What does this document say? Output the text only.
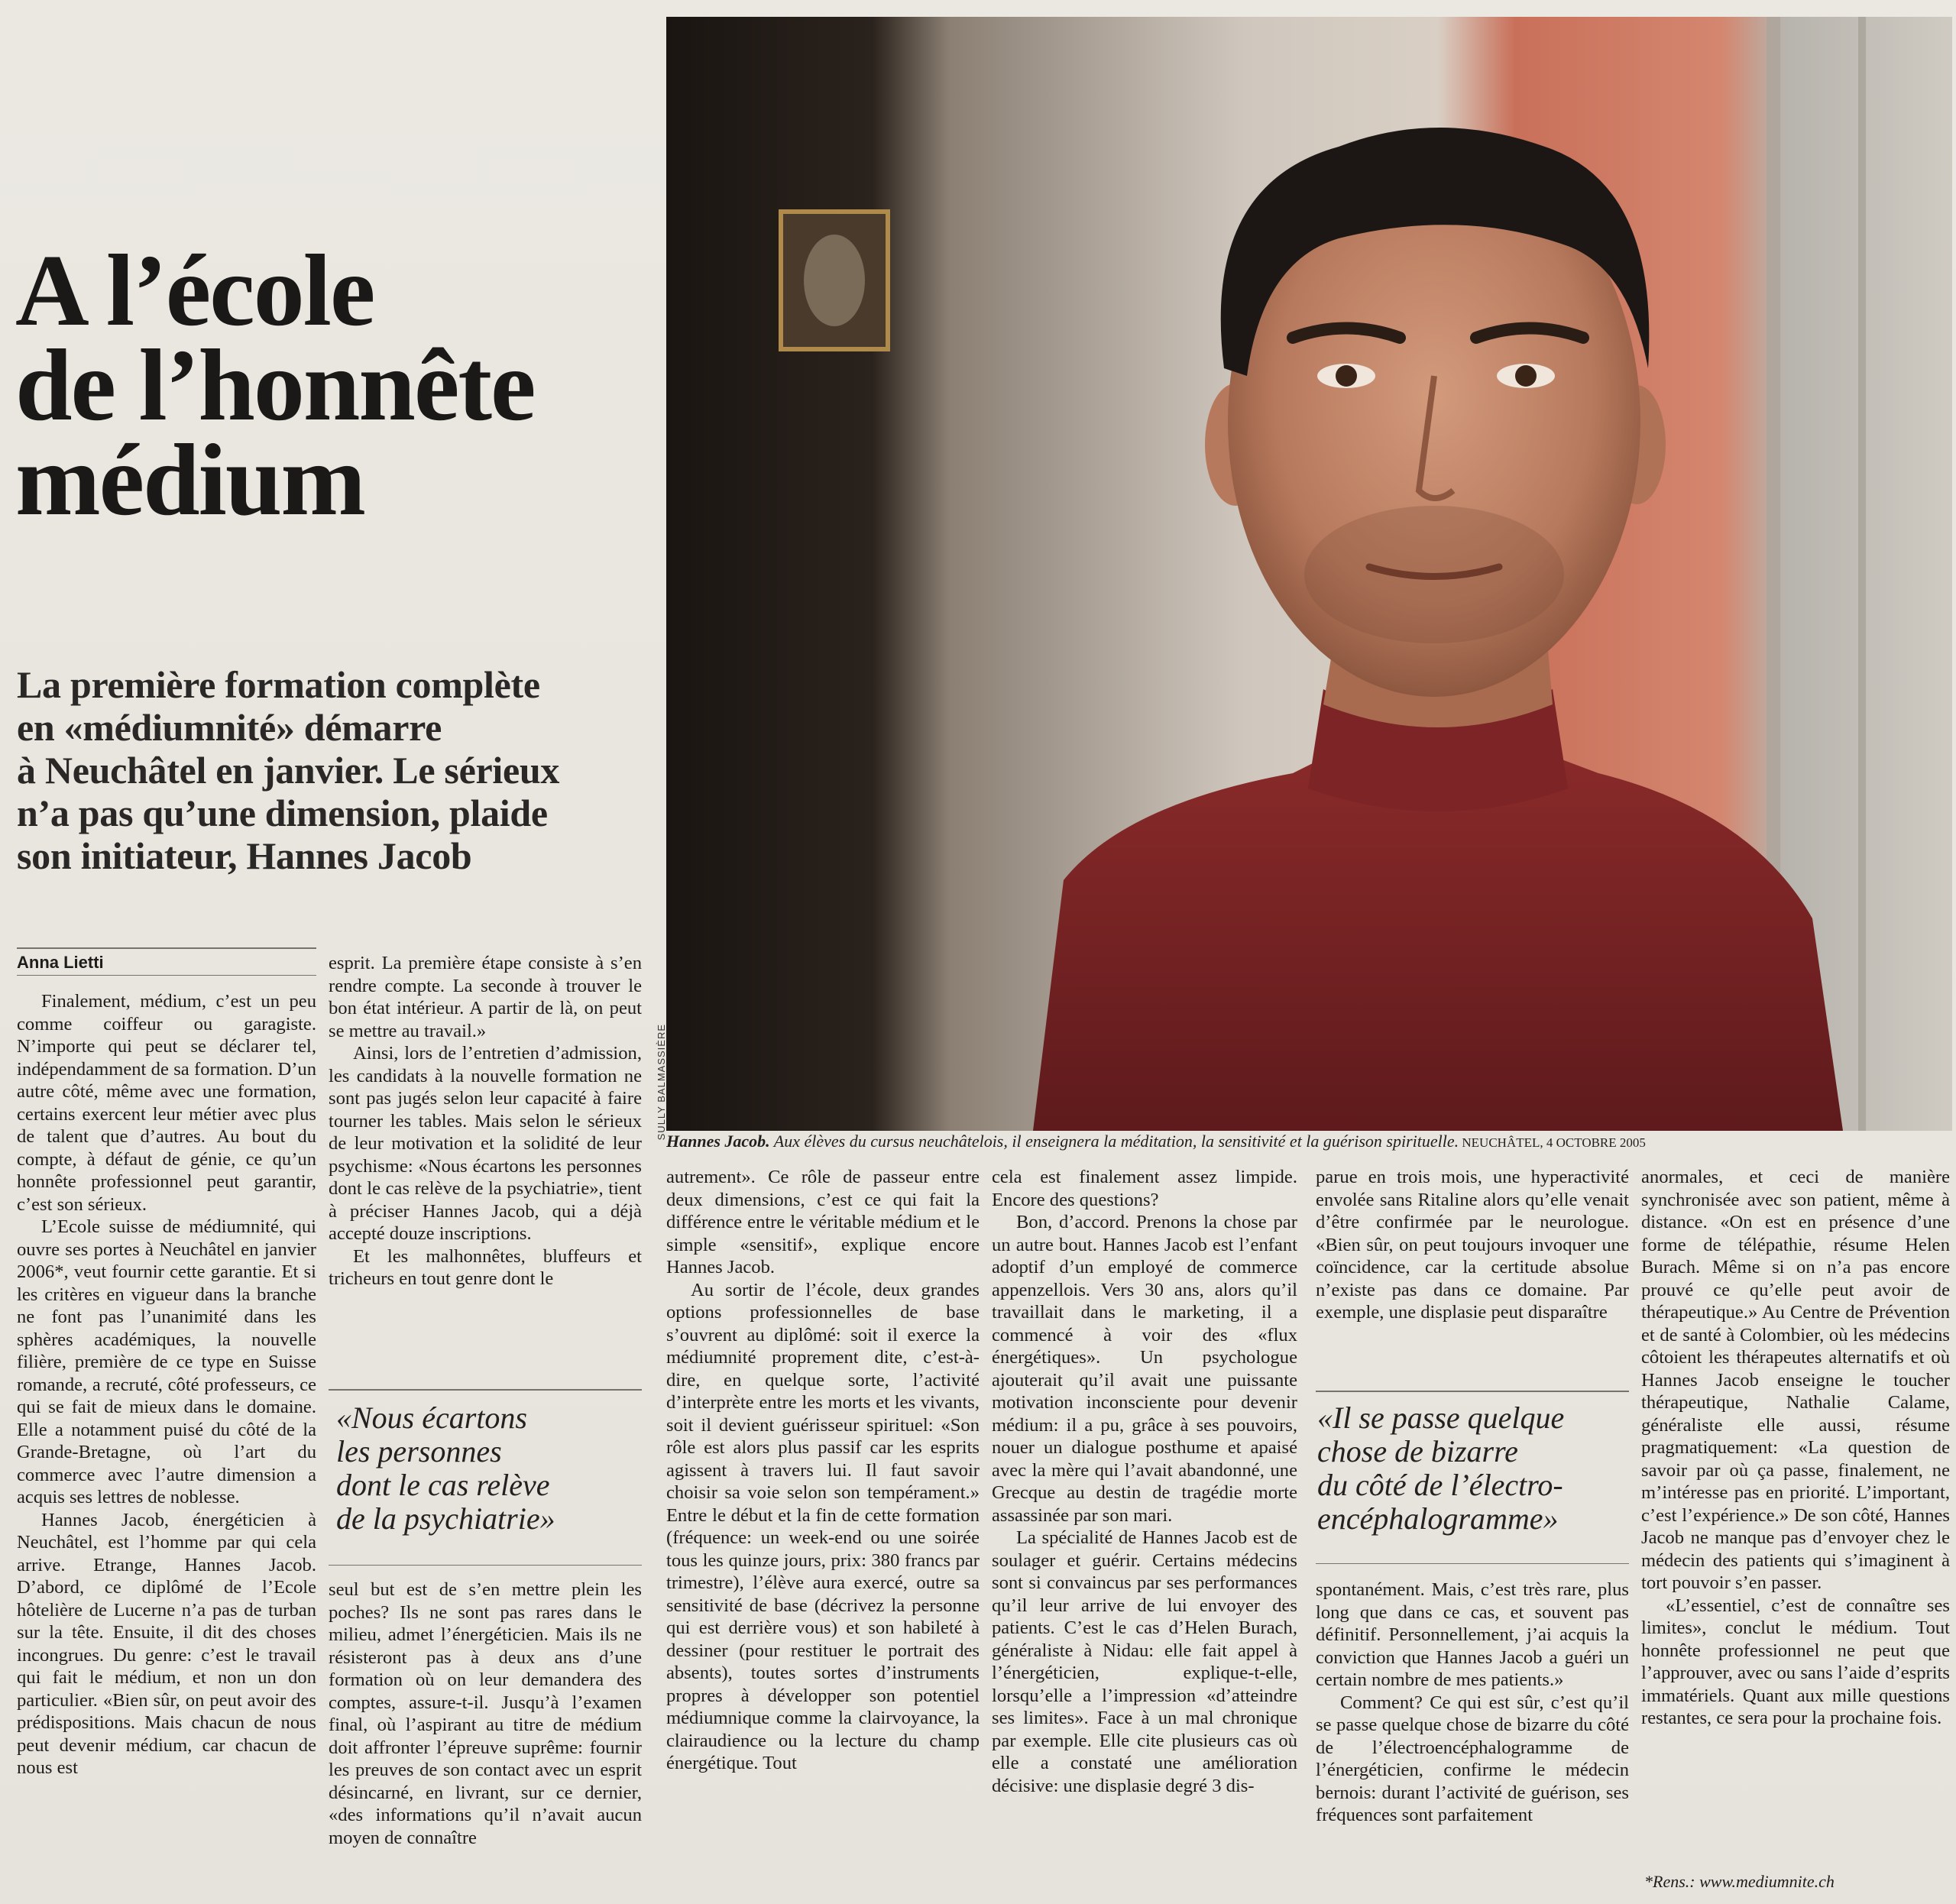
A l’école
de l’honnête
médium
La première formation complète
en «médiumnité» démarre
à Neuchâtel en janvier. Le sérieux
n’a pas qu’une dimension, plaide
son initiateur, Hannes Jacob
Anna Lietti
SULLY BALMASSIÈRE
Hannes Jacob. Aux élèves du cursus neuchâtelois, il enseignera la méditation, la sensitivité et la guérison spirituelle. NEUCHÂTEL, 4 OCTOBRE 2005

Finalement, médium, c’est un peu comme coiffeur ou garagiste. N’importe qui peut se déclarer tel, indépendamment de sa formation. D’un autre côté, même avec une formation, certains exercent leur métier avec plus de talent que d’autres. Au bout du compte, à défaut de génie, ce qu’un honnête professionnel peut garantir, c’est son sérieux.

L’Ecole suisse de médiumnité, qui ouvre ses portes à Neuchâtel en janvier 2006*, veut fournir cette garantie. Et si les critères en vigueur dans la branche ne font pas l’unanimité dans les sphères académiques, la nouvelle filière, première de ce type en Suisse romande, a recruté, côté professeurs, ce qui se fait de mieux dans le domaine. Elle a notamment puisé du côté de la Grande-Bretagne, où l’art du commerce avec l’autre dimension a acquis ses lettres de noblesse.

Hannes Jacob, énergéticien à Neuchâtel, est l’homme par qui cela arrive. Etrange, Hannes Jacob. D’abord, ce diplômé de l’Ecole hôtelière de Lucerne n’a pas de turban sur la tête. Ensuite, il dit des choses incongrues. Du genre: c’est le travail qui fait le médium, et non un don particulier. «Bien sûr, on peut avoir des prédispositions. Mais chacun de nous peut devenir médium, car chacun de nous est

esprit. La première étape consiste à s’en rendre compte. La seconde à trouver le bon état intérieur. A partir de là, on peut se mettre au travail.»

Ainsi, lors de l’entretien d’admission, les candidats à la nouvelle formation ne sont pas jugés selon leur capacité à faire tourner les tables. Mais selon le sérieux de leur motivation et la solidité de leur psychisme: «Nous écartons les personnes dont le cas relève de la psychiatrie», tient à préciser Hannes Jacob, qui a déjà accepté douze inscriptions.

Et les malhonnêtes, bluffeurs et tricheurs en tout genre dont le

«Nous écartons
les personnes
dont le cas relève
de la psychiatrie»

seul but est de s’en mettre plein les poches? Ils ne sont pas rares dans le milieu, admet l’énergéticien. Mais ils ne résisteront pas à deux ans d’une formation où on leur demandera des comptes, assure-t-il. Jusqu’à l’examen final, où l’aspirant au titre de médium doit affronter l’épreuve suprême: fournir les preuves de son contact avec un esprit désincarné, en livrant, sur ce dernier, «des informations qu’il n’avait aucun moyen de connaître

autrement». Ce rôle de passeur entre deux dimensions, c’est ce qui fait la différence entre le véritable médium et le simple «sensitif», explique encore Hannes Jacob.

Au sortir de l’école, deux grandes options professionnelles de base s’ouvrent au diplômé: soit il exerce la médiumnité proprement dite, c’est-à-dire, en quelque sorte, l’activité d’interprète entre les morts et les vivants, soit il devient guérisseur spirituel: «Son rôle est alors plus passif car les esprits agissent à travers lui. Il faut savoir choisir sa voie selon son tempérament.» Entre le début et la fin de cette formation (fréquence: un week-end ou une soirée tous les quinze jours, prix: 380 francs par trimestre), l’élève aura exercé, outre sa sensitivité de base (décrivez la personne qui est derrière vous) et son habileté à dessiner (pour restituer le portrait des absents), toutes sortes d’instruments propres à développer son potentiel médiumnique comme la clairvoyance, la clairaudience ou la lecture du champ énergétique. Tout

cela est finalement assez limpide. Encore des questions?

Bon, d’accord. Prenons la chose par un autre bout. Hannes Jacob est l’enfant adoptif d’un employé de commerce appenzellois. Vers 30 ans, alors qu’il travaillait dans le marketing, il a commencé à voir des «flux énergétiques». Un psychologue ajouterait qu’il avait une puissante motivation inconsciente pour devenir médium: il a pu, grâce à ses pouvoirs, nouer un dialogue posthume et apaisé avec la mère qui l’avait abandonné, une Grecque au destin de tragédie morte assassinée par son mari.

La spécialité de Hannes Jacob est de soulager et guérir. Certains médecins sont si convaincus par ses performances qu’il leur arrive de lui envoyer des patients. C’est le cas d’Helen Burach, généraliste à Nidau: elle fait appel à l’énergéticien, explique-t-elle, lorsqu’elle a l’impression «d’atteindre ses limites». Face à un mal chronique par exemple. Elle cite plusieurs cas où elle a constaté une amélioration décisive: une displasie degré 3 dis-

parue en trois mois, une hyperactivité envolée sans Ritaline alors qu’elle venait d’être confirmée par le neurologue. «Bien sûr, on peut toujours invoquer une coïncidence, car la certitude absolue n’existe pas dans ce domaine. Par exemple, une displasie peut disparaître

«Il se passe quelque
chose de bizarre
du côté de l’électro-
encéphalogramme»

spontanément. Mais, c’est très rare, plus long que dans ce cas, et souvent pas définitif. Personnellement, j’ai acquis la conviction que Hannes Jacob a guéri un certain nombre de mes patients.»

Comment? Ce qui est sûr, c’est qu’il se passe quelque chose de bizarre du côté de l’électroencéphalogramme de l’énergéticien, confirme le médecin bernois: durant l’activité de guérison, ses fréquences sont parfaitement

anormales, et ceci de manière synchronisée avec son patient, même à distance. «On est en présence d’une forme de télépathie, résume Helen Burach. Même si on n’a pas encore prouvé ce qu’elle peut avoir de thérapeutique.» Au Centre de Prévention et de santé à Colombier, où les médecins côtoient les thérapeutes alternatifs et où Hannes Jacob enseigne le toucher thérapeutique, Nathalie Calame, généraliste elle aussi, résume pragmatiquement: «La question de savoir par où ça passe, finalement, ne m’intéresse pas en priorité. L’important, c’est l’expérience.» De son côté, Hannes Jacob ne manque pas d’envoyer chez le médecin des patients qui s’imaginent à tort pouvoir s’en passer.

«L’essentiel, c’est de connaître ses limites», conclut le médium. Tout honnête professionnel ne peut que l’approuver, avec ou sans l’aide d’esprits immatériels. Quant aux mille questions restantes, ce sera pour la prochaine fois.

*Rens.: www.mediumnite.ch
